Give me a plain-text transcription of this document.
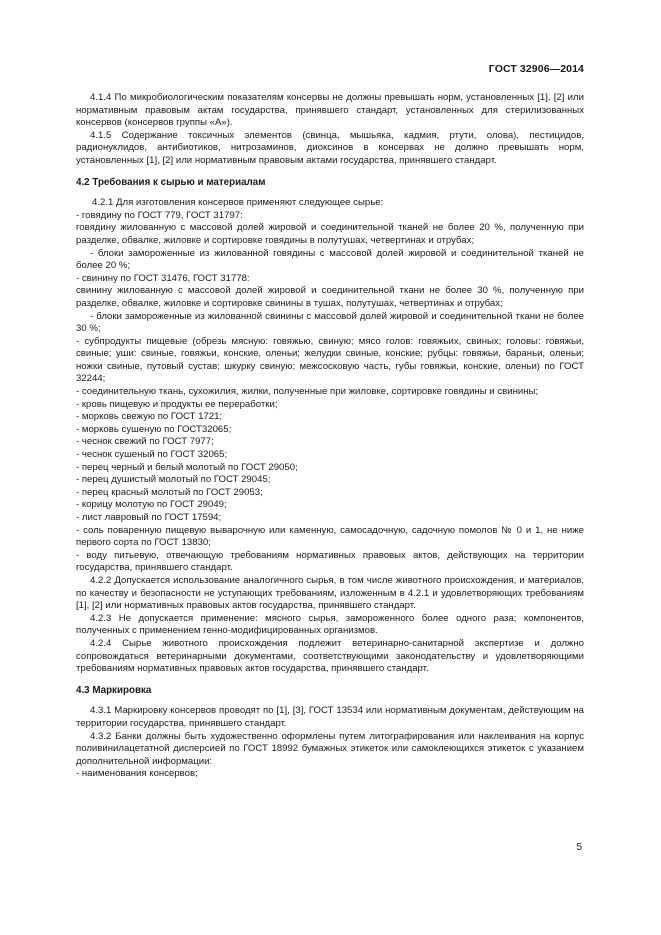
ГОСТ 32906—2014

4.1.4 По микробиологическим показателям консервы не должны превышать норм, установленных [1], [2] или нормативным правовым актам государства, принявшего стандарт, установленных для стерилизованных консервов (консервов группы «А»).

4.1.5 Содержание токсичных элементов (свинца, мышьяка, кадмия, ртути, олова), пестицидов, радионуклидов, антибиотиков, нитрозаминов, диоксинов в консервах не должно превышать норм, установленных [1], [2] или нормативным правовым актами государства, принявшего стандарт.

4.2 Требования к сырью и материалам

4.2.1 Для изготовления консервов применяют следующее сырье:

- говядину по ГОСТ 779, ГОСТ 31797:

говядину жилованную с массовой долей жировой и соединительной тканей не более 20 %, полученную при разделке, обвалке, жиловке и сортировке говядины в полутушах, четвертинах и отрубах;

- блоки замороженные из жилованной говядины с массовой долей жировой и соединительной тканей не более 20 %;

- свинину по ГОСТ 31476, ГОСТ 31778:

свинину жилованную с массовой долей жировой и соединительной ткани не более 30 %, полученную при разделке, обвалке, жиловке и сортировке свинины в тушах, полутушах, четвертинах и отрубах;

- блоки замороженные из жилованной свинины с массовой долей жировой и соединительной ткани не более 30 %;

- субпродукты пищевые (обрезь мясную: говяжью, свиную; мясо голов: говяжьих, свиных; головы: говяжьи, свиные; уши: свиные, говяжьи, конские, оленьи; желудки свиные, конские; рубцы: говяжьи, бараньи, оленьи; ножки свиные, путовый сустав; шкурку свиную; межсосковую часть, губы говяжьи, конские, оленьи) по ГОСТ 32244;

- соединительную ткань, сухожилия, жилки, полученные при жиловке, сортировке говядины и свинины;

- кровь пищевую и продукты ее переработки;

- морковь свежую по ГОСТ 1721;

- морковь сушеную по ГОСТ32065;

- чеснок свежий по ГОСТ 7977;

- чеснок сушеный по ГОСТ 32065;

- перец черный и белый молотый по ГОСТ 29050;

- перец душистый молотый по ГОСТ 29045;

- перец красный молотый по ГОСТ 29053;

- корицу молотую по ГОСТ 29049;

- лист лавровый по ГОСТ 17594;

- соль поваренную пищевую выварочную или каменную, самосадочную, садочную помолов № 0 и 1, не ниже первого сорта по ГОСТ 13830;

- воду питьевую, отвечающую требованиям нормативных правовых актов, действующих на территории государства, принявшего стандарт.

4.2.2 Допускается использование аналогичного сырья, в том числе животного происхождения, и материалов, по качеству и безопасности не уступающих требованиям, изложенным в 4.2.1 и удовлетворяющих требованиям [1], [2] или нормативных правовых актов государства, принявшего стандарт.

4.2.3 Не допускается применение: мясного сырья, замороженного более одного раза; компонентов, полученных с применением генно-модифицированных организмов.

4.2.4 Сырье животного происхождения подлежит ветеринарно-санитарной экспертизе и должно сопровождаться ветеринарными документами, соответствующими законодательству и удовлетворяющими требованиям нормативных правовых актов государства, принявшего стандарт.

4.3 Маркировка

4.3.1 Маркировку консервов проводят по [1], [3], ГОСТ 13534 или нормативным документам, действующим на территории государства, принявшего стандарт.

4.3.2 Банки должны быть художественно оформлены путем литографирования или наклеивания на корпус поливинилацетатной дисперсией по ГОСТ 18992 бумажных этикеток или самоклеющихся этикеток с указанием дополнительной информации:

- наименования консервов;

5
